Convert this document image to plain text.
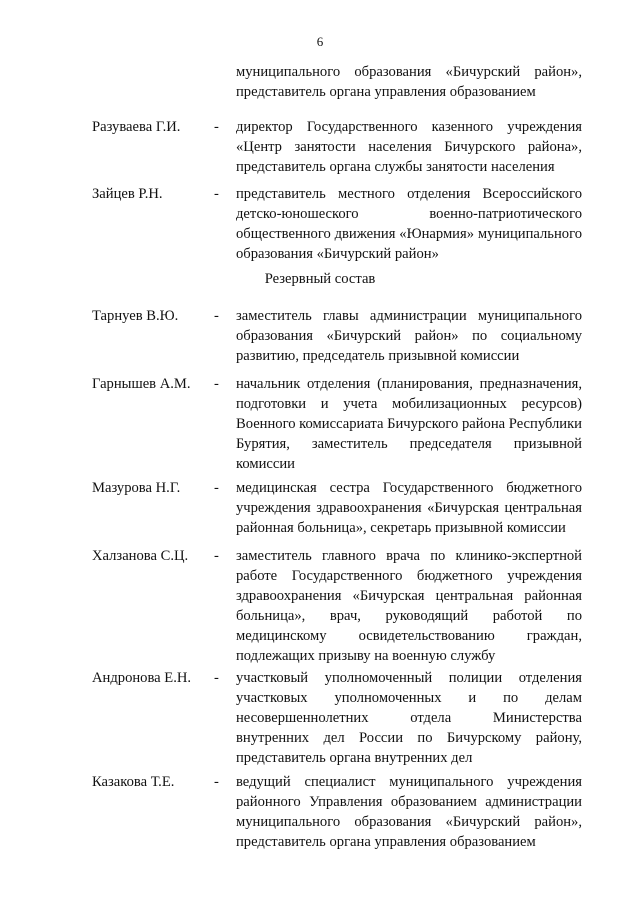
6
муниципального образования «Бичурский район», представитель органа управления образованием
Разуваева Г.И. - директор Государственного казенного учреждения «Центр занятости населения Бичурского района», представитель органа службы занятости населения
Зайцев Р.Н.	- представитель местного отделения Всероссийского детско-юношеского военно-патриотического общественного движения «Юнармия» муниципального образования «Бичурский район»
Резервный состав
Тарнуев В.Ю. - заместитель главы администрации муниципального образования «Бичурский район» по социальному развитию, председатель призывной комиссии
Гарнышев А.М. - начальник отделения (планирования, предназначения, подготовки и учета мобилизационных ресурсов) Военного комиссариата Бичурского района Республики Бурятия, заместитель председателя призывной комиссии
Мазурова Н.Г. - медицинская сестра Государственного бюджетного учреждения здравоохранения «Бичурская центральная районная больница», секретарь призывной комиссии
Халзанова С.Ц. - заместитель главного врача по клинико-экспертной работе Государственного бюджетного учреждения здравоохранения «Бичурская центральная районная больница», врач, руководящий работой по медицинскому освидетельствованию граждан, подлежащих призыву на военную службу
Андронова Е.Н. - участковый уполномоченный полиции отделения участковых уполномоченных и по делам несовершеннолетних отдела Министерства внутренних дел России по Бичурскому району, представитель органа внутренних дел
Казакова Т.Е.	- ведущий специалист муниципального учреждения районного Управления образованием администрации муниципального образования «Бичурский район», представитель органа управления образованием
